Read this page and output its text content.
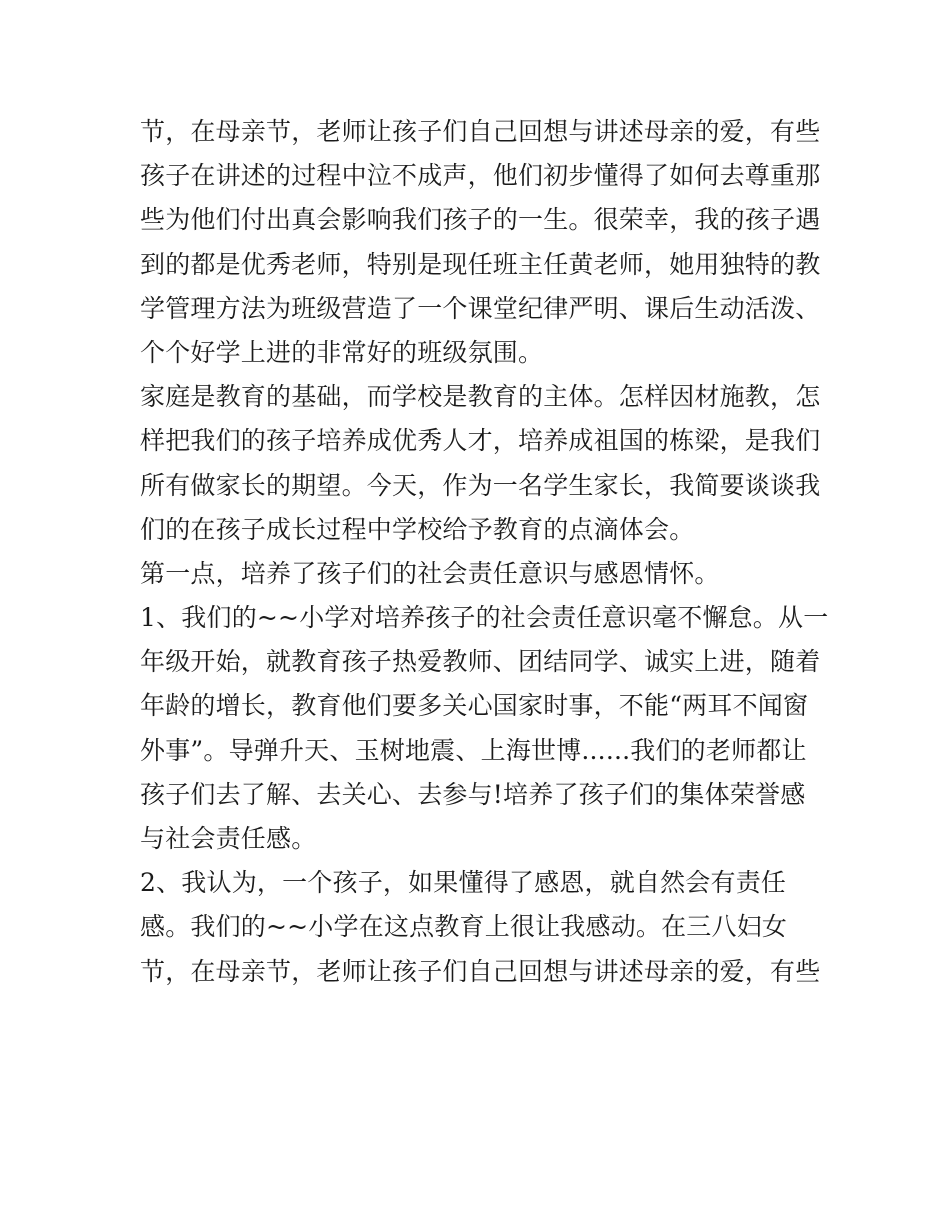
节，在母亲节，老师让孩子们自己回想与讲述母亲的爱，有些
孩子在讲述的过程中泣不成声，他们初步懂得了如何去尊重那
些为他们付出真会影响我们孩子的一生。很荣幸，我的孩子遇
到的都是优秀老师，特别是现任班主任黄老师，她用独特的教
学管理方法为班级营造了一个课堂纪律严明、课后生动活泼、
个个好学上进的非常好的班级氛围。
家庭是教育的基础，而学校是教育的主体。怎样因材施教，怎
样把我们的孩子培养成优秀人才，培养成祖国的栋梁，是我们
所有做家长的期望。今天，作为一名学生家长，我简要谈谈我
们的在孩子成长过程中学校给予教育的点滴体会。
第一点，培养了孩子们的社会责任意识与感恩情怀。
1、我们的~~小学对培养孩子的社会责任意识毫不懈怠。从一
年级开始，就教育孩子热爱教师、团结同学、诚实上进，随着
年龄的增长，教育他们要多关心国家时事，不能“两耳不闻窗
外事”。导弹升天、玉树地震、上海世博......我们的老师都让
孩子们去了解、去关心、去参与!培养了孩子们的集体荣誉感
与社会责任感。
2、我认为，一个孩子，如果懂得了感恩，就自然会有责任
感。我们的~~小学在这点教育上很让我感动。在三八妇女
节，在母亲节，老师让孩子们自己回想与讲述母亲的爱，有些
